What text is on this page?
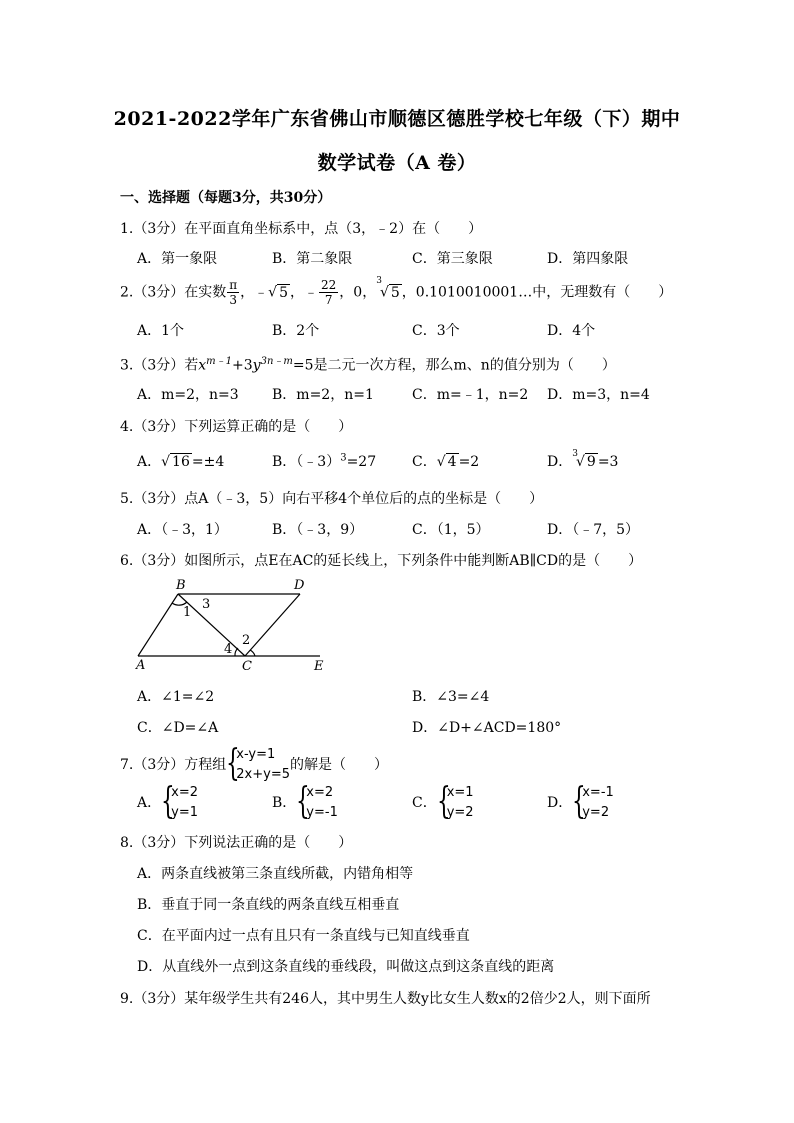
2021-2022学年广东省佛山市顺德区德胜学校七年级（下）期中
数学试卷（A 卷）
一、选择题（每题3分，共30分）
1.（3分）在平面直角坐标系中，点（3，﹣2）在（　　）
A．第一象限	B．第二象限	C．第三象限	D．第四象限
2.（3分）在实数 $\frac{\pi}{3}$ ，﹣√ 5 ，﹣ $\frac{22}{7}$ ，0，$^3$√ 5 ，0.1010010001…中，无理数有（　　）
A．1个	B．2个	C．3个	D．4个
3.（3分）若$x^{m﹣1}+3y^{3n﹣m}=5$是二元一次方程，那么m、n的值分别为（　　）
A．m=2，n=3 B．m=2，n=1	C．m=﹣1，n=2 D．m=3，n=4
4.（3分）下列运算正确的是（　　）
A．√ 16 =±4	B．（﹣3）$^3$=27	C．√ 4 =2	D．$^3$√ 9 =3
5.（3分）点A（﹣3，5）向右平移4个单位后的点的坐标是（　　）
A．（﹣3，1）	B．（﹣3，9）	C．（1，5）	D．（﹣7，5）
6.（3分）如图所示，点E在AC的延长线上，下列条件中能判断AB∥CD的是（　　）
B	D
A	C	E
1
3
2
4
A．∠1=∠2	B．∠3=∠4
C．∠D=∠A	D．∠D+∠ACD=180°
7.（3分）方程组 {
x-y=1
2x+y=5
的解是（　　）
A． {
x=2
y=1
B． {
x=2
y=-1
C． {
x=1
y=2
D． {
x=-1
y=2
8.（3分）下列说法正确的是（　　）
A．两条直线被第三条直线所截，内错角相等
B．垂直于同一条直线的两条直线互相垂直
C．在平面内过一点有且只有一条直线与已知直线垂直
D．从直线外一点到这条直线的垂线段，叫做这点到这条直线的距离
9.（3分）某年级学生共有246人，其中男生人数y比女生人数x的2倍少2人，则下面所
